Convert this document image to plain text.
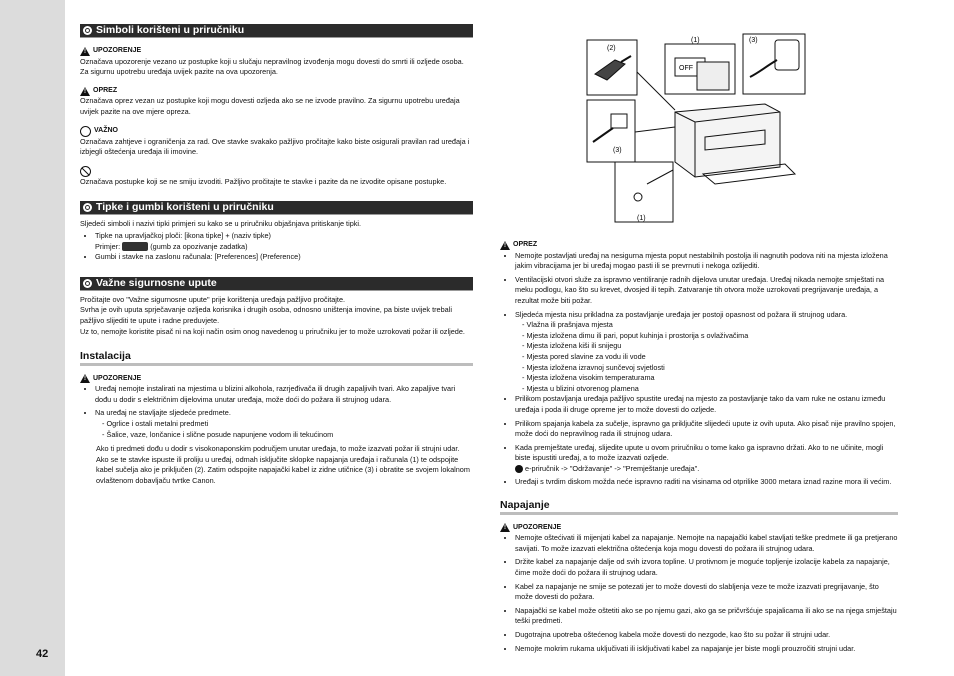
42
Simboli korišteni u priručniku
! UPOZORENJE

Označava upozorenje vezano uz postupke koji u slučaju nepravilnog izvođenja mogu dovesti do smrti ili ozljede osoba. Za sigurnu upotrebu uređaja uvijek pazite na ova upozorenja.

! OPREZ

Označava oprez vezan uz postupke koji mogu dovesti ozljeda ako se ne izvode pravilno. Za sigurnu upotrebu uređaja uvijek pazite na ove mjere opreza.

VAŽNO

Označava zahtjeve i ograničenja za rad. Ove stavke svakako pažljivo pročitajte kako biste osigurali pravilan rad uređaja i izbjegli oštećenja uređaja ili imovine.

Označava postupke koji se ne smiju izvoditi. Pažljivo pročitajte te stavke i pazite da ne izvodite opisane postupke.

Tipke i gumbi korišteni u priručniku

Sljedeći simboli i nazivi tipki primjeri su kako se u priručniku objašnjava pritiskanje tipki.

• Tipke na upravljačkoj ploči: [ikona tipke] + (naziv tipke)
Primjer:	(gumb za opozivanje zadatka)
• Gumbi i stavke na zaslonu računala: [Preferences] (Preference)
Važne sigurnosne upute

Pročitajte ovo "Važne sigurnosne upute" prije korištenja uređaja pažljivo pročitajte.

Svrha je ovih uputa sprječavanje ozljeda korisnika i drugih osoba, odnosno uništenja imovine, pa biste uvijek trebali pažljivo slijediti te upute i radne preduvjete.

Uz to, nemojte koristite pisač ni na koji način osim onog navedenog u priručniku jer to može uzrokovati požar ili ozljede.

Instalacija
! UPOZORENJE
• Uređaj nemojte instalirati na mjestima u blizini alkohola, razrjeđivača ili drugih zapaljivih tvari. Ako zapaljive tvari dođu u dodir s električnim dijelovima unutar uređaja, može doći do požara ili strujnog udara.
• Na uređaj ne stavljajte sljedeće predmete.
- Ogrlice i ostali metalni predmeti
- Šalice, vaze, lončanice i slične posude napunjene vodom ili tekućinom

Ako ti predmeti dođu u dodir s visokonaponskim područjem unutar uređaja, to može izazvati požar ili strujni udar. Ako se te stavke ispuste ili proliju u uređaj, odmah isključite sklopke napajanja uređaja i računala (1) te odspojite kabel sučelja ako je priključen (2). Zatim odspojite napajački kabel iz zidne utičnice (3) i obratite se svojem lokalnom ovlaštenom dobavljaču tvrtke Canon.

(2)
(1)	(3)
OFF
(3)
(1)
! OPREZ
• Nemojte postavljati uređaj na nesigurna mjesta poput nestabilnih postolja ili nagnutih podova niti na mjesta izložena jakim vibracijama jer bi uređaj mogao pasti ili se prevrnuti i nekoga ozlijediti.
• Ventilacijski otvori služe za ispravno ventiliranje radnih dijelova unutar uređaja. Uređaj nikada nemojte smještati na meku podlogu, kao što su krevet, dvosjed ili tepih. Zatvaranje tih otvora može uzrokovati pregrijavanje uređaja, a rezultat može biti požar.
• Sljedeća mjesta nisu prikladna za postavljanje uređaja jer postoji opasnost od požara ili strujnog udara.
- Vlažna ili prašnjava mjesta
- Mjesta izložena dimu ili pari, poput kuhinja i prostorija s ovlaživačima
- Mjesta izložena kiši ili snijegu
- Mjesta pored slavine za vodu ili vode
- Mjesta izložena izravnoj sunčevoj svjetlosti
- Mjesta izložena visokim temperaturama
- Mjesta u blizini otvorenog plamena
• Prilikom postavljanja uređaja pažljivo spustite uređaj na mjesto za postavljanje tako da vam ruke ne ostanu između uređaja i poda ili druge opreme jer to može dovesti do ozljede.
• Prilikom spajanja kabela za sučelje, ispravno ga priključite slijedeći upute iz ovih uputa. Ako pisač nije pravilno spojen, može doći do nepravilnog rada ili strujnog udara.
• Kada premještate uređaj, slijedite upute u ovom priručniku o tome kako ga ispravno držati. Ako to ne učinite, mogli biste ispustiti uređaj, a to može izazvati ozljede.
e-priručnik -> "Održavanje" -> "Premještanje uređaja".
• Uređaji s tvrdim diskom možda neće ispravno raditi na visinama od otprilike 3000 metara iznad razine mora ili većim.
Napajanje
! UPOZORENJE
• Nemojte oštećivati ili mijenjati kabel za napajanje. Nemojte na napajački kabel stavljati teške predmete ili ga pretjerano savijati. To može izazvati električna oštećenja koja mogu dovesti do požara ili strujnog udara.
• Držite kabel za napajanje dalje od svih izvora topline. U protivnom je moguće topljenje izolacije kabela za napajanje, čime može doći do požara ili strujnog udara.
• Kabel za napajanje ne smije se potezati jer to može dovesti do slabljenja veze te može izazvati pregrijavanje, što može dovesti do požara.
• Napajački se kabel može oštetiti ako se po njemu gazi, ako ga se pričvršćuje spajalicama ili ako se na njega smještaju teški predmeti.
• Dugotrajna upotreba oštećenog kabela može dovesti do nezgode, kao što su požar ili strujni udar.
• Nemojte mokrim rukama uključivati ili isključivati kabel za napajanje jer biste mogli prouzročiti strujni udar.
